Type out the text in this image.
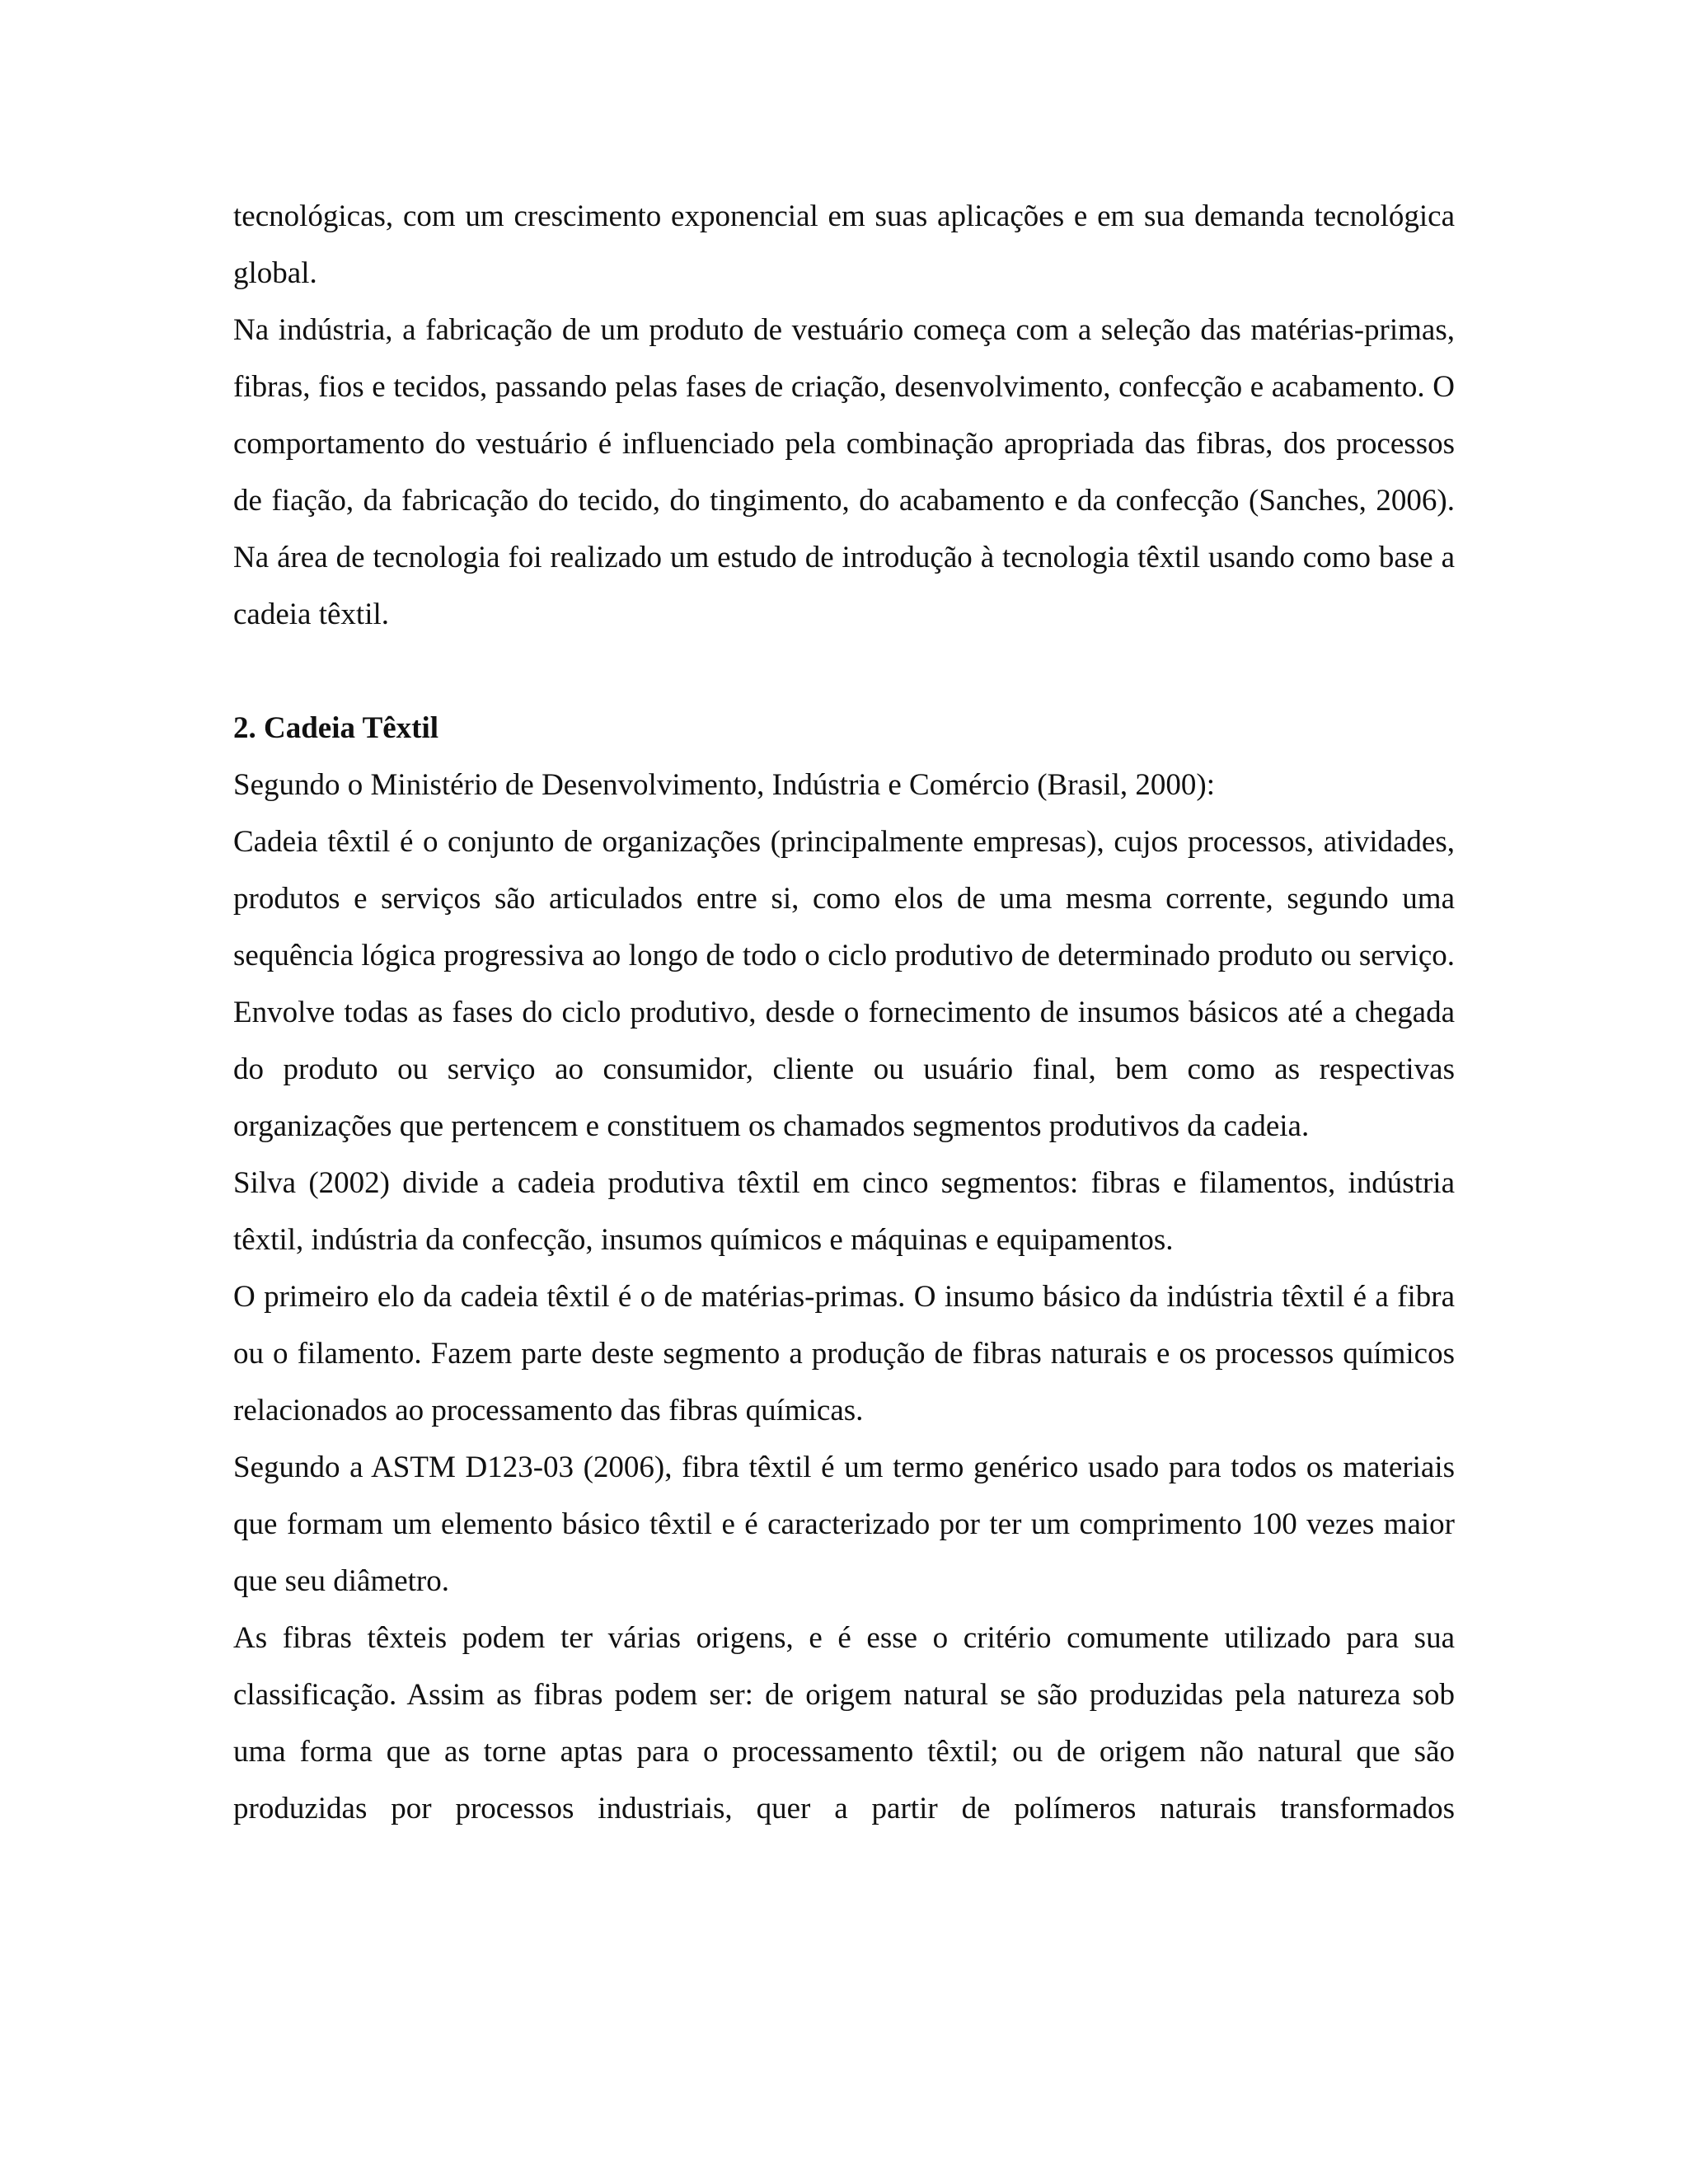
tecnológicas, com um crescimento exponencial em suas aplicações e em sua demanda tecnológica global.

Na indústria, a fabricação de um produto de vestuário começa com a seleção das matérias-primas, fibras, fios e tecidos, passando pelas fases de criação, desenvolvimento, confecção e acabamento. O comportamento do vestuário é influenciado pela combinação apropriada das fibras, dos processos de fiação, da fabricação do tecido, do tingimento, do acabamento e da confecção (Sanches, 2006). Na área de tecnologia foi realizado um estudo de introdução à tecnologia têxtil usando como base a cadeia têxtil.

2. Cadeia Têxtil

Segundo o Ministério de Desenvolvimento, Indústria e Comércio (Brasil, 2000):

Cadeia têxtil é o conjunto de organizações (principalmente empresas), cujos processos, atividades, produtos e serviços são articulados entre si, como elos de uma mesma corrente, segundo uma sequência lógica progressiva ao longo de todo o ciclo produtivo de determinado produto ou serviço. Envolve todas as fases do ciclo produtivo, desde o fornecimento de insumos básicos até a chegada do produto ou serviço ao consumidor, cliente ou usuário final, bem como as respectivas organizações que pertencem e constituem os chamados segmentos produtivos da cadeia.

Silva (2002) divide a cadeia produtiva têxtil em cinco segmentos: fibras e filamentos, indústria têxtil, indústria da confecção, insumos químicos e máquinas e equipamentos.

O primeiro elo da cadeia têxtil é o de matérias-primas. O insumo básico da indústria têxtil é a fibra ou o filamento. Fazem parte deste segmento a produção de fibras naturais e os processos químicos relacionados ao processamento das fibras químicas.

Segundo a ASTM D123-03 (2006), fibra têxtil é um termo genérico usado para todos os materiais que formam um elemento básico têxtil e é caracterizado por ter um comprimento 100 vezes maior que seu diâmetro.

As fibras têxteis podem ter várias origens, e é esse o critério comumente utilizado para sua classificação. Assim as fibras podem ser: de origem natural se são produzidas pela natureza sob uma forma que as torne aptas para o processamento têxtil; ou de origem não natural que são produzidas por processos industriais, quer a partir de polímeros naturais transformados
